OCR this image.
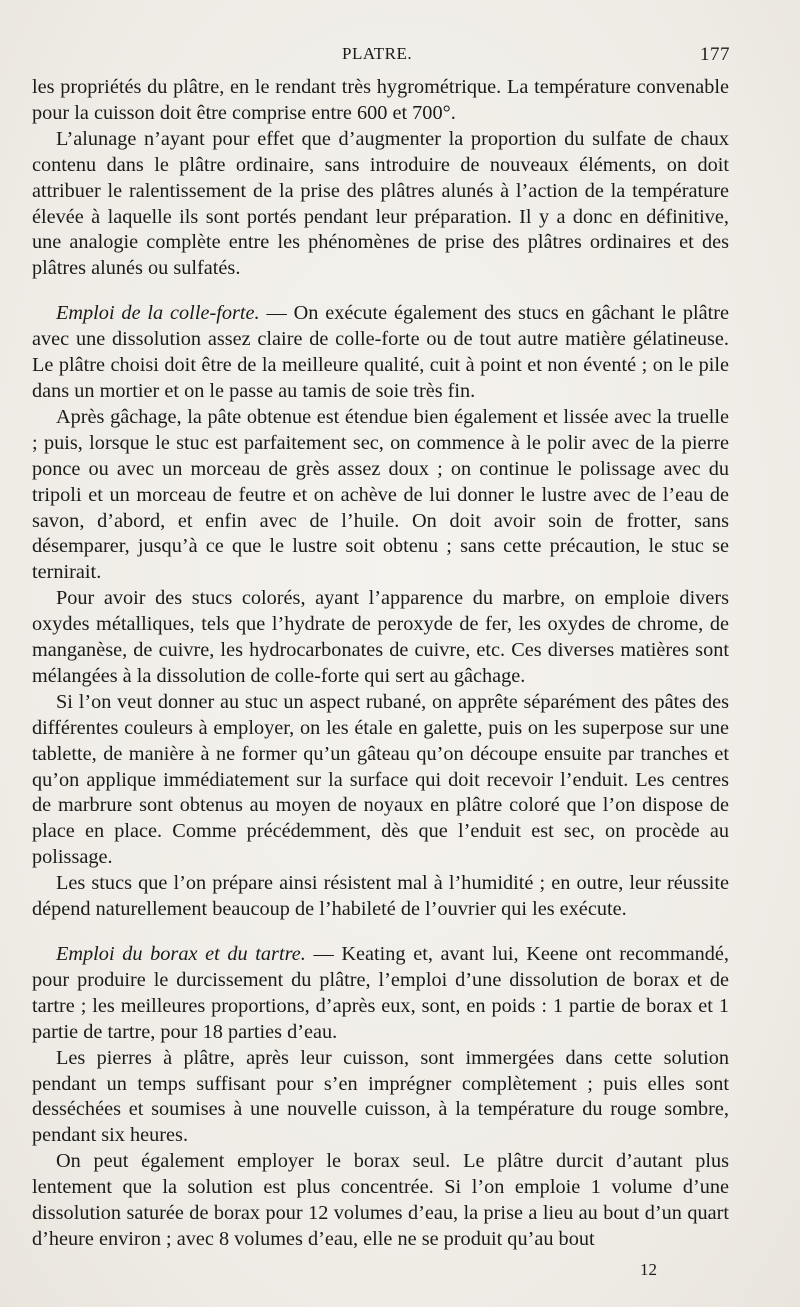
PLATRE.	177

les propriétés du plâtre, en le rendant très hygrométrique. La température convenable pour la cuisson doit être comprise entre 600 et 700°.

L’alunage n’ayant pour effet que d’augmenter la proportion du sulfate de chaux contenu dans le plâtre ordinaire, sans introduire de nouveaux éléments, on doit attribuer le ralentissement de la prise des plâtres alunés à l’action de la température élevée à laquelle ils sont portés pendant leur préparation. Il y a donc en définitive, une analogie complète entre les phénomènes de prise des plâtres ordinaires et des plâtres alunés ou sulfatés.

Emploi de la colle-forte. — On exécute également des stucs en gâchant le plâtre avec une dissolution assez claire de colle-forte ou de tout autre matière gélatineuse. Le plâtre choisi doit être de la meilleure qualité, cuit à point et non éventé ; on le pile dans un mortier et on le passe au tamis de soie très fin.

Après gâchage, la pâte obtenue est étendue bien également et lissée avec la truelle ; puis, lorsque le stuc est parfaitement sec, on commence à le polir avec de la pierre ponce ou avec un morceau de grès assez doux ; on continue le polissage avec du tripoli et un morceau de feutre et on achève de lui donner le lustre avec de l’eau de savon, d’abord, et enfin avec de l’huile. On doit avoir soin de frotter, sans désemparer, jusqu’à ce que le lustre soit obtenu ; sans cette précaution, le stuc se ternirait.

Pour avoir des stucs colorés, ayant l’apparence du marbre, on emploie divers oxydes métalliques, tels que l’hydrate de peroxyde de fer, les oxydes de chrome, de manganèse, de cuivre, les hydrocarbonates de cuivre, etc. Ces diverses matières sont mélangées à la dissolution de colle-forte qui sert au gâchage.

Si l’on veut donner au stuc un aspect rubané, on apprête séparément des pâtes des différentes couleurs à employer, on les étale en galette, puis on les superpose sur une tablette, de manière à ne former qu’un gâteau qu’on découpe ensuite par tranches et qu’on applique immédiatement sur la surface qui doit recevoir l’enduit. Les centres de marbrure sont obtenus au moyen de noyaux en plâtre coloré que l’on dispose de place en place. Comme précédemment, dès que l’enduit est sec, on procède au polissage.

Les stucs que l’on prépare ainsi résistent mal à l’humidité ; en outre, leur réussite dépend naturellement beaucoup de l’habileté de l’ouvrier qui les exécute.

Emploi du borax et du tartre. — Keating et, avant lui, Keene ont recommandé, pour produire le durcissement du plâtre, l’emploi d’une dissolution de borax et de tartre ; les meilleures proportions, d’après eux, sont, en poids : 1 partie de borax et 1 partie de tartre, pour 18 parties d’eau.

Les pierres à plâtre, après leur cuisson, sont immergées dans cette solution pendant un temps suffisant pour s’en imprégner complètement ; puis elles sont desséchées et soumises à une nouvelle cuisson, à la température du rouge sombre, pendant six heures.

On peut également employer le borax seul. Le plâtre durcit d’autant plus lentement que la solution est plus concentrée. Si l’on emploie 1 volume d’une dissolution saturée de borax pour 12 volumes d’eau, la prise a lieu au bout d’un quart d’heure environ ; avec 8 volumes d’eau, elle ne se produit qu’au bout

12
